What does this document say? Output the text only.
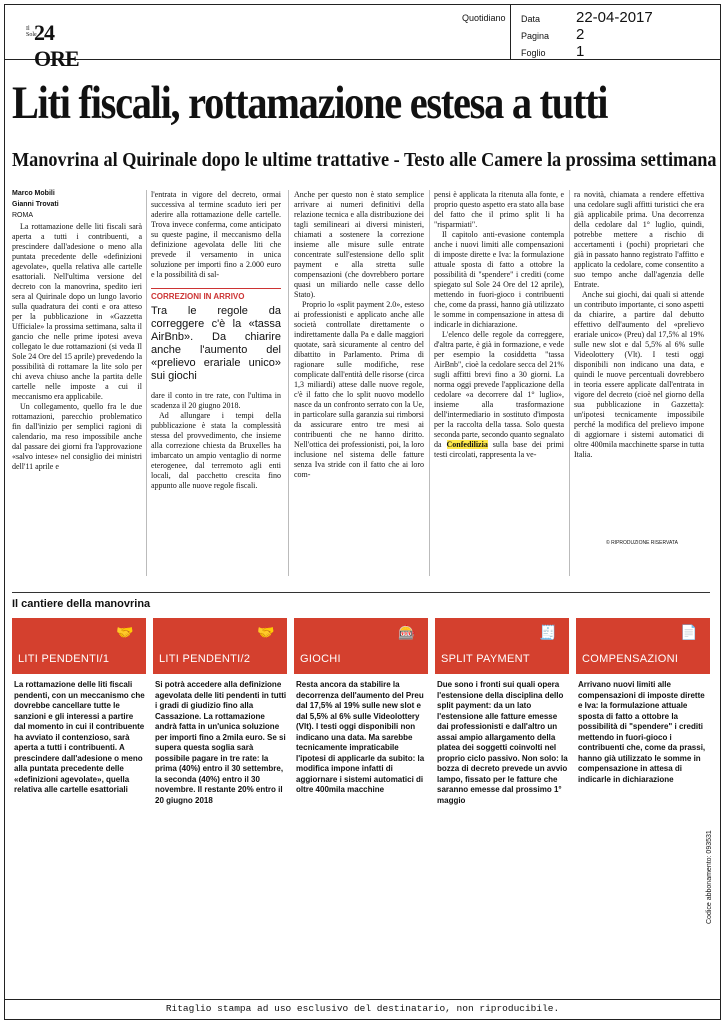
Il Sole
24 ORE
Quotidiano Data	22-04-2017
Pagina	2
Foglio	1
Liti fiscali, rottamazione estesa a tutti
Manovrina al Quirinale dopo le ultime trattative - Testo alle Camere la prossima settimana
Marco Mobili
Gianni Trovati
ROMA

La rottamazione delle liti fiscali sarà aperta a tutti i contribuenti, a prescindere dall'adesione o meno alla puntata precedente delle «definizioni agevolate», quella relativa alle cartelle esattoriali. Nell'ultima versione del decreto con la manovrina, spedito ieri sera al Quirinale dopo un lungo lavorio sulla quadratura dei conti e ora atteso per la pubblicazione in «Gazzetta Ufficiale» la prossima settimana, salta il gancio che nelle prime ipotesi aveva collegato le due rottamazioni (si veda Il Sole 24 Ore del 15 aprile) prevedendo la possibilità di rottamare la lite solo per chi aveva chiuso anche la partita delle cartelle nelle imposte a cui il meccanismo era applicabile.

Un collegamento, quello fra le due rottamazioni, parecchio problematico fin dall'inizio per semplici ragioni di calendario, ma reso impossibile anche dal passare dei giorni fra l'approvazione «salvo intese» nel consiglio dei ministri dell'11 aprile e

l'entrata in vigore del decreto, ormai successiva al termine scaduto ieri per aderire alla rottamazione delle cartelle. Trova invece conferma, come anticipato su queste pagine, il meccanismo della definizione agevolata delle liti che prevede il versamento in unica soluzione per importi fino a 2.000 euro e la possibilità di sal-

CORREZIONI IN ARRIVO

Tra le regole da correggere c'è la «tassa AirBnb». Da chiarire anche l'aumento del «prelievo erariale unico» sui giochi

dare il conto in tre rate, con l'ultima in scadenza il 20 giugno 2018.

Ad allungare i tempi della pubblicazione è stata la complessità stessa del provvedimento, che insieme alla correzione chiesta da Bruxelles ha imbarcato un ampio ventaglio di norme eterogenee, dal terremoto agli enti locali, dal pacchetto crescita fino appunto alle nuove regole fiscali.

Anche per questo non è stato semplice arrivare ai numeri definitivi della relazione tecnica e alla distribuzione dei tagli semilineari ai diversi ministeri, chiamati a sostenere la correzione insieme alle misure sulle entrate concentrate sull'estensione dello split payment e alla stretta sulle compensazioni (che dovrebbero portare quasi un miliardo nelle casse dello Stato).

Proprio lo «split payment 2.0», esteso ai professionisti e applicato anche alle società controllate direttamente o indirettamente dalla Pa e dalle maggiori quotate, sarà sicuramente al centro del dibattito in Parlamento. Prima di ragionare sulle modifiche, rese complicate dall'entità delle risorse (circa 1,3 miliardi) attese dalle nuove regole, c'è il fatto che lo split nuovo modello nasce da un confronto serrato con la Ue, in particolare sulla garanzia sui rimborsi da assicurare entro tre mesi ai contribuenti che ne hanno diritto. Nell'ottica dei professionisti, poi, la loro inclusione nel sistema delle fatture senza Iva stride con il fatto che ai loro com-

pensi è applicata la ritenuta alla fonte, e proprio questo aspetto era stato alla base del fatto che il primo split li ha "risparmiati".

Il capitolo anti-evasione contempla anche i nuovi limiti alle compensazioni di imposte dirette e Iva: la formulazione attuale sposta di fatto a ottobre la possibilità di "spendere" i crediti (come spiegato sul Sole 24 Ore del 12 aprile), mettendo in fuori-gioco i contribuenti che, come da prassi, hanno già utilizzato le somme in compensazione in attesa di indicarle in dichiarazione.

L'elenco delle regole da correggere, d'altra parte, è già in formazione, e vede per esempio la cosiddetta "tassa AirBnb", cioè la cedolare secca del 21% sugli affitti brevi fino a 30 giorni. La norma oggi prevede l'applicazione della cedolare «a decorrere dal 1° luglio», insieme alla trasformazione dell'intermediario in sostituto d'imposta per la raccolta della tassa. Solo questa seconda parte, secondo quanto segnalato da Confedilizia sulla base dei primi testi circolati, rappresenta la ve-

ra novità, chiamata a rendere effettiva una cedolare sugli affitti turistici che era già applicabile prima. Una decorrenza della cedolare dal 1° luglio, quindi, potrebbe mettere a rischio di accertamenti i (pochi) proprietari che già in passato hanno registrato l'affitto e applicato la cedolare, come consentito a suo tempo anche dall'agenzia delle Entrate.

Anche sui giochi, dai quali si attende un contributo importante, ci sono aspetti da chiarire, a partire dal debutto effettivo dell'aumento del «prelievo erariale unico» (Preu) dal 17,5% al 19% sulle new slot e dal 5,5% al 6% sulle Videolottery (Vlt). I testi oggi disponibili non indicano una data, e quindi le nuove percentuali dovrebbero in teoria essere applicate dall'entrata in vigore del decreto (cioè nel giorno della sua pubblicazione in Gazzetta): un'ipotesi tecnicamente impossibile perché la modifica del prelievo impone di aggiornare i sistemi automatici di oltre 400mila macchinette sparse in tutta Italia.

© RIPRODUZIONE RISERVATA
Il cantiere della manovrina
🤝
LITI PENDENTI/1
🤝
LITI PENDENTI/2
🎰
GIOCHI
🧾
SPLIT PAYMENT
📄
COMPENSAZIONI
La rottamazione delle liti fiscali pendenti, con un meccanismo che dovrebbe cancellare tutte le sanzioni e gli interessi a partire dal momento in cui il contribuente ha avviato il contenzioso, sarà aperta a tutti i contribuenti. A prescindere dall'adesione o meno alla puntata precedente delle «definizioni agevolate», quella relativa alle cartelle esattoriali
Si potrà accedere alla definizione agevolata delle liti pendenti in tutti i gradi di giudizio fino alla Cassazione. La rottamazione andrà fatta in un'unica soluzione per importi fino a 2mila euro. Se si supera questa soglia sarà possibile pagare in tre rate: la prima (40%) entro il 30 settembre, la seconda (40%) entro il 30 novembre. Il restante 20% entro il 20 giugno 2018
Resta ancora da stabilire la decorrenza dell'aumento del Preu dal 17,5% al 19% sulle new slot e dal 5,5% al 6% sulle Videolottery (Vlt). I testi oggi disponibili non indicano una data. Ma sarebbe tecnicamente impraticabile l'ipotesi di applicarle da subito: la modifica impone infatti di aggiornare i sistemi automatici di oltre 400mila macchine
Due sono i fronti sui quali opera l'estensione della disciplina dello split payment: da un lato l'estensione alle fatture emesse dai professionisti e dall'altro un assai ampio allargamento della platea dei soggetti coinvolti nel proprio ciclo passivo. Non solo: la bozza di decreto prevede un avvio lampo, fissato per le fatture che saranno emesse dal prossimo 1° maggio
Arrivano nuovi limiti alle compensazioni di imposte dirette e Iva: la formulazione attuale sposta di fatto a ottobre la possibilità di "spendere" i crediti mettendo in fuori-gioco i contribuenti che, come da prassi, hanno già utilizzato le somme in compensazione in attesa di indicarle in dichiarazione
Codice abbonamento: 093531
Ritaglio stampa ad uso esclusivo del destinatario, non riproducibile.
